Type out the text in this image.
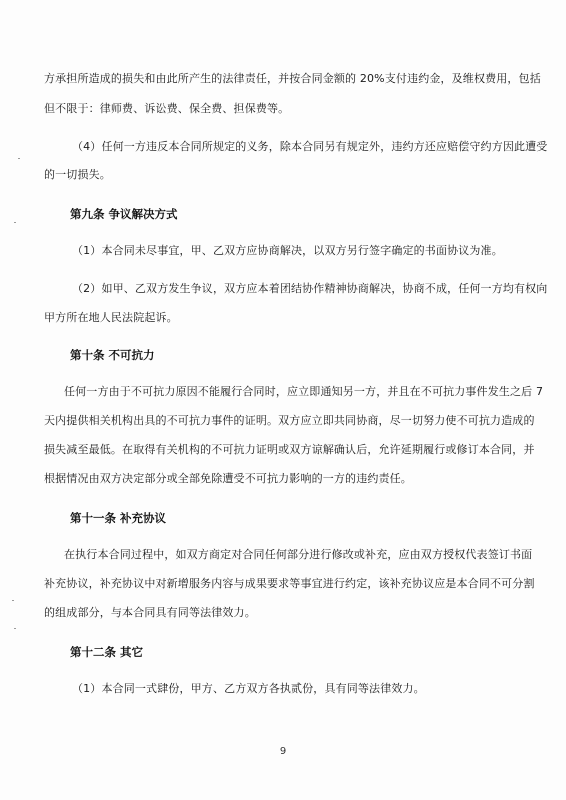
方承担所造成的损失和由此所产生的法律责任，并按合同金额的 20%支付违约金，及维权费用，包括
但不限于：律师费、诉讼费、保全费、担保费等。
（4）任何一方违反本合同所规定的义务，除本合同另有规定外，违约方还应赔偿守约方因此遭受
的一切损失。
第九条 争议解决方式
（1）本合同未尽事宜，甲、乙双方应协商解决，以双方另行签字确定的书面协议为准。
（2）如甲、乙双方发生争议，双方应本着团结协作精神协商解决，协商不成，任何一方均有权向
甲方所在地人民法院起诉。
第十条 不可抗力
任何一方由于不可抗力原因不能履行合同时，应立即通知另一方，并且在不可抗力事件发生之后 7
天内提供相关机构出具的不可抗力事件的证明。双方应立即共同协商，尽一切努力使不可抗力造成的
损失减至最低。在取得有关机构的不可抗力证明或双方谅解确认后，允许延期履行或修订本合同，并
根据情况由双方决定部分或全部免除遭受不可抗力影响的一方的违约责任。
第十一条 补充协议
在执行本合同过程中，如双方商定对合同任何部分进行修改或补充，应由双方授权代表签订书面
补充协议，补充协议中对新增服务内容与成果要求等事宜进行约定，该补充协议应是本合同不可分割
的组成部分，与本合同具有同等法律效力。
第十二条 其它
（1）本合同一式肆份，甲方、乙方双方各执贰份，具有同等法律效力。
9
